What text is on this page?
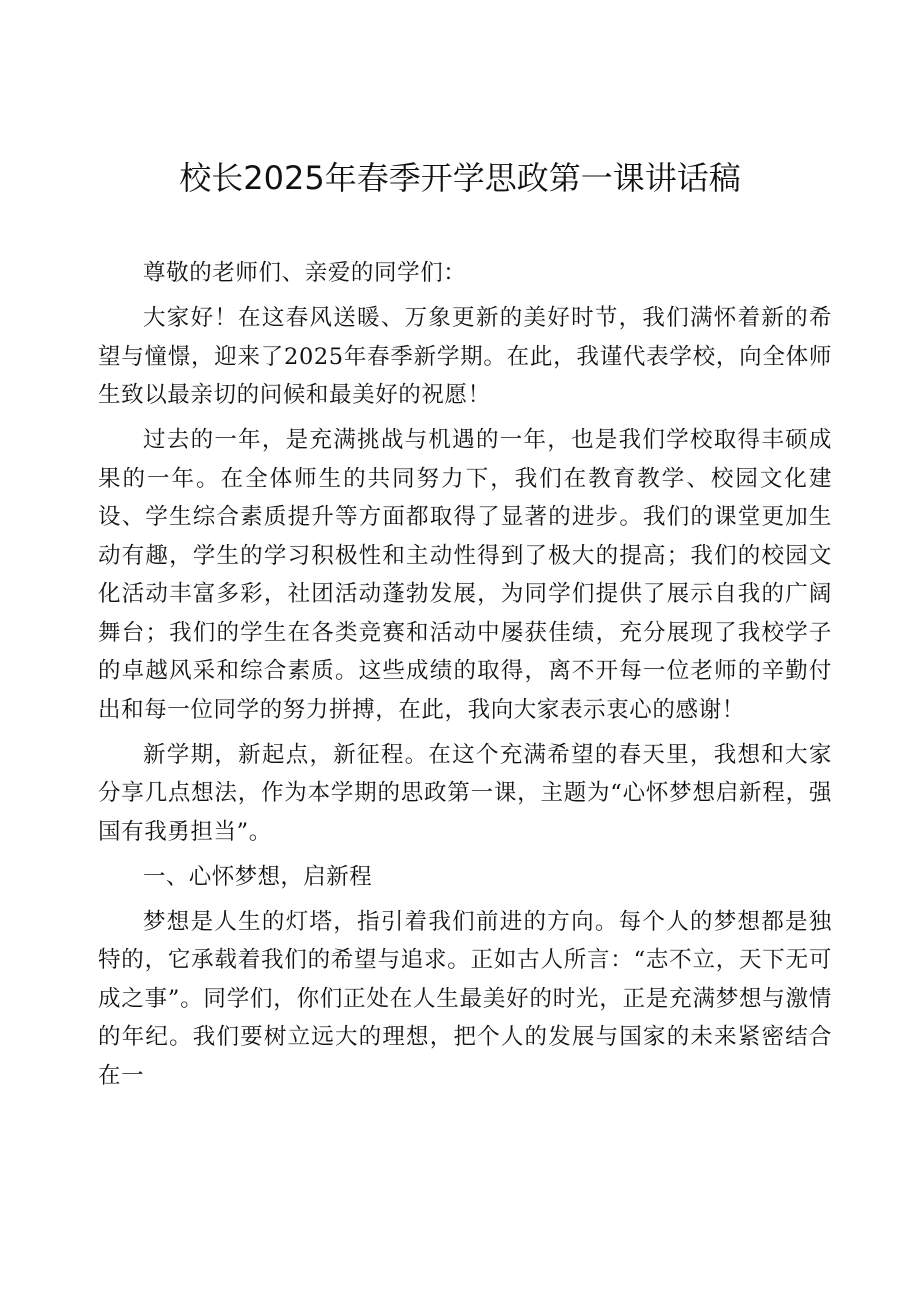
校长2025年春季开学思政第一课讲话稿

尊敬的老师们、亲爱的同学们：

大家好！在这春风送暖、万象更新的美好时节，我们满怀着新的希望与憧憬，迎来了2025年春季新学期。在此，我谨代表学校，向全体师生致以最亲切的问候和最美好的祝愿！

过去的一年，是充满挑战与机遇的一年，也是我们学校取得丰硕成果的一年。在全体师生的共同努力下，我们在教育教学、校园文化建设、学生综合素质提升等方面都取得了显著的进步。我们的课堂更加生动有趣，学生的学习积极性和主动性得到了极大的提高；我们的校园文化活动丰富多彩，社团活动蓬勃发展，为同学们提供了展示自我的广阔舞台；我们的学生在各类竞赛和活动中屡获佳绩，充分展现了我校学子的卓越风采和综合素质。这些成绩的取得，离不开每一位老师的辛勤付出和每一位同学的努力拼搏，在此，我向大家表示衷心的感谢！

新学期，新起点，新征程。在这个充满希望的春天里，我想和大家分享几点想法，作为本学期的思政第一课，主题为“心怀梦想启新程，强国有我勇担当”。

一、心怀梦想，启新程

梦想是人生的灯塔，指引着我们前进的方向。每个人的梦想都是独特的，它承载着我们的希望与追求。正如古人所言：“志不立，天下无可成之事”。同学们，你们正处在人生最美好的时光，正是充满梦想与激情的年纪。我们要树立远大的理想，把个人的发展与国家的未来紧密结合在一
